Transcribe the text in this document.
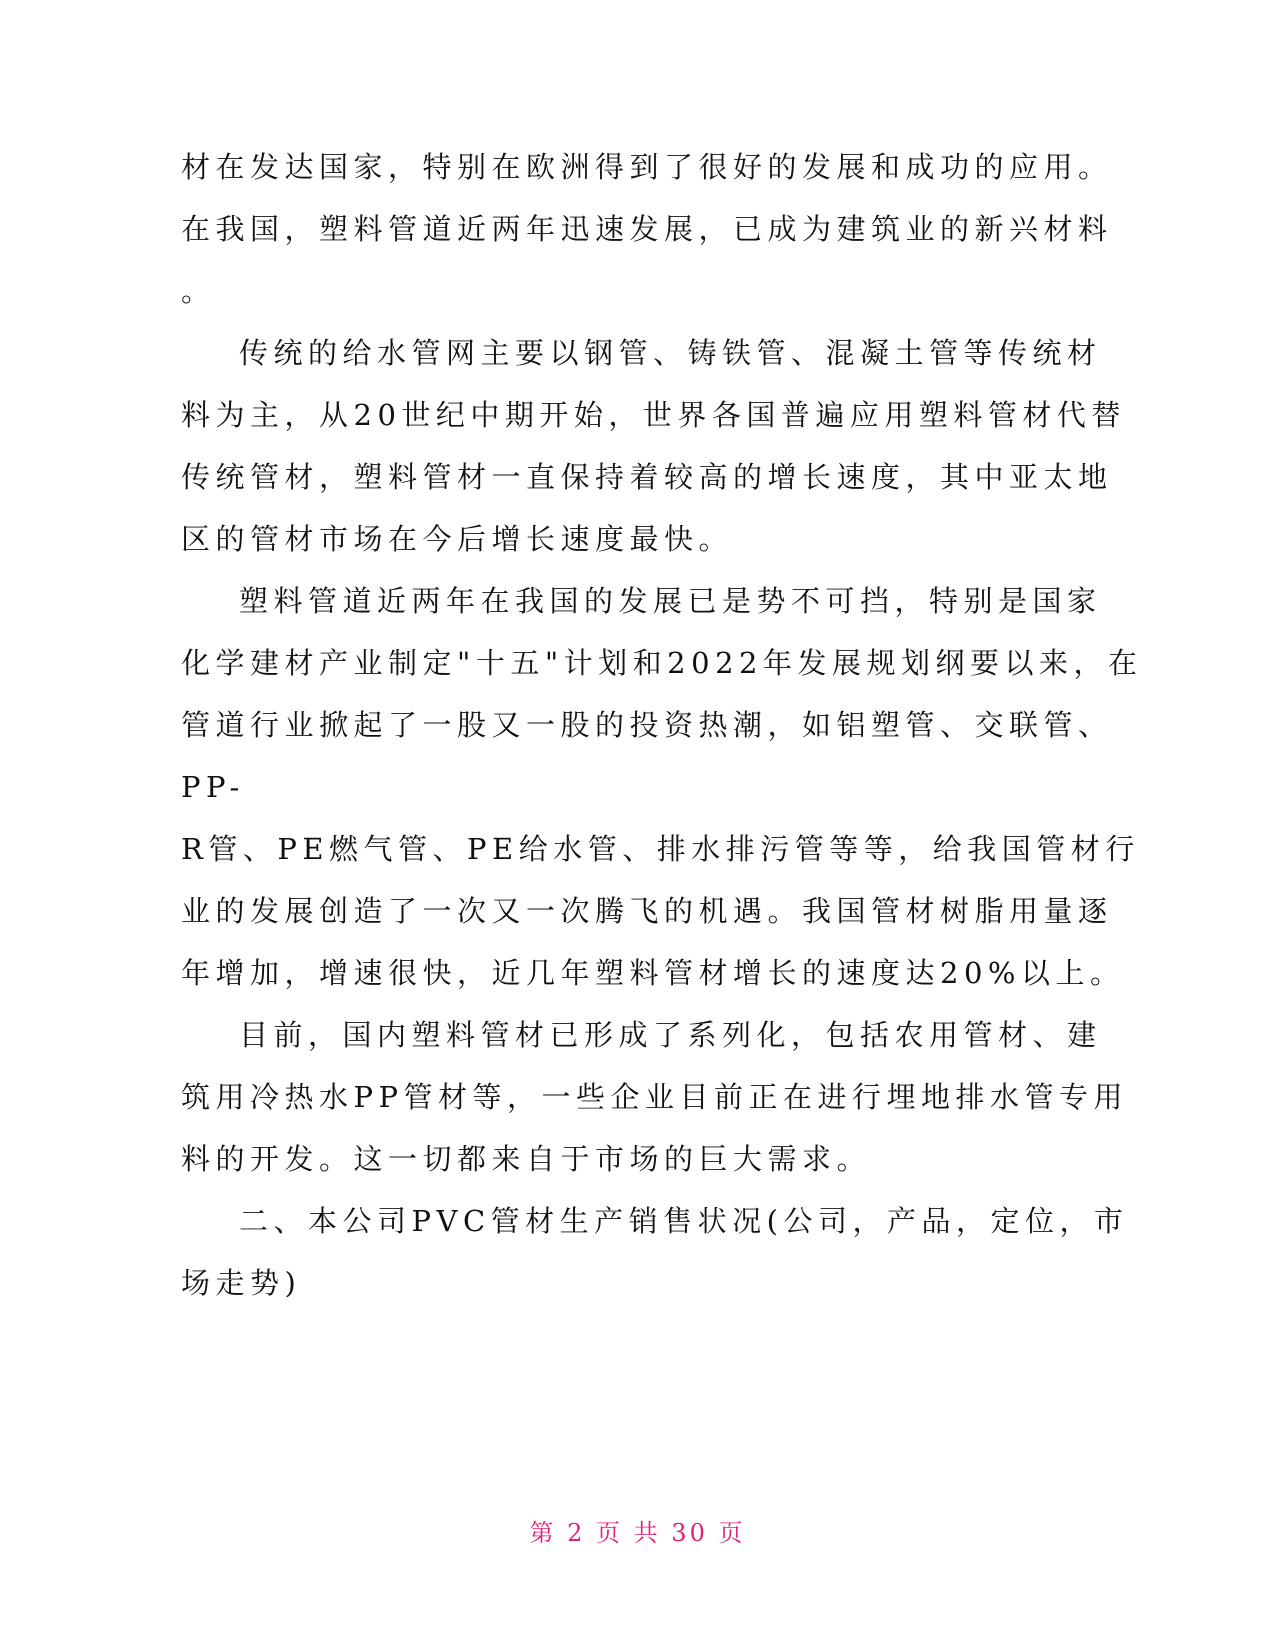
材在发达国家，特别在欧洲得到了很好的发展和成功的应用。
在我国，塑料管道近两年迅速发展，已成为建筑业的新兴材料
。
传统的给水管网主要以钢管、铸铁管、混凝土管等传统材
料为主，从20世纪中期开始，世界各国普遍应用塑料管材代替
传统管材，塑料管材一直保持着较高的增长速度，其中亚太地
区的管材市场在今后增长速度最快。
塑料管道近两年在我国的发展已是势不可挡，特别是国家
化学建材产业制定"十五"计划和2022年发展规划纲要以来，在
管道行业掀起了一股又一股的投资热潮，如铝塑管、交联管、
PP-
R管、PE燃气管、PE给水管、排水排污管等等，给我国管材行
业的发展创造了一次又一次腾飞的机遇。我国管材树脂用量逐
年增加，增速很快，近几年塑料管材增长的速度达20%以上。
目前，国内塑料管材已形成了系列化，包括农用管材、建
筑用冷热水PP管材等，一些企业目前正在进行埋地排水管专用
料的开发。这一切都来自于市场的巨大需求。
二、本公司PVC管材生产销售状况(公司，产品，定位，市
场走势)
第 2 页 共 30 页
